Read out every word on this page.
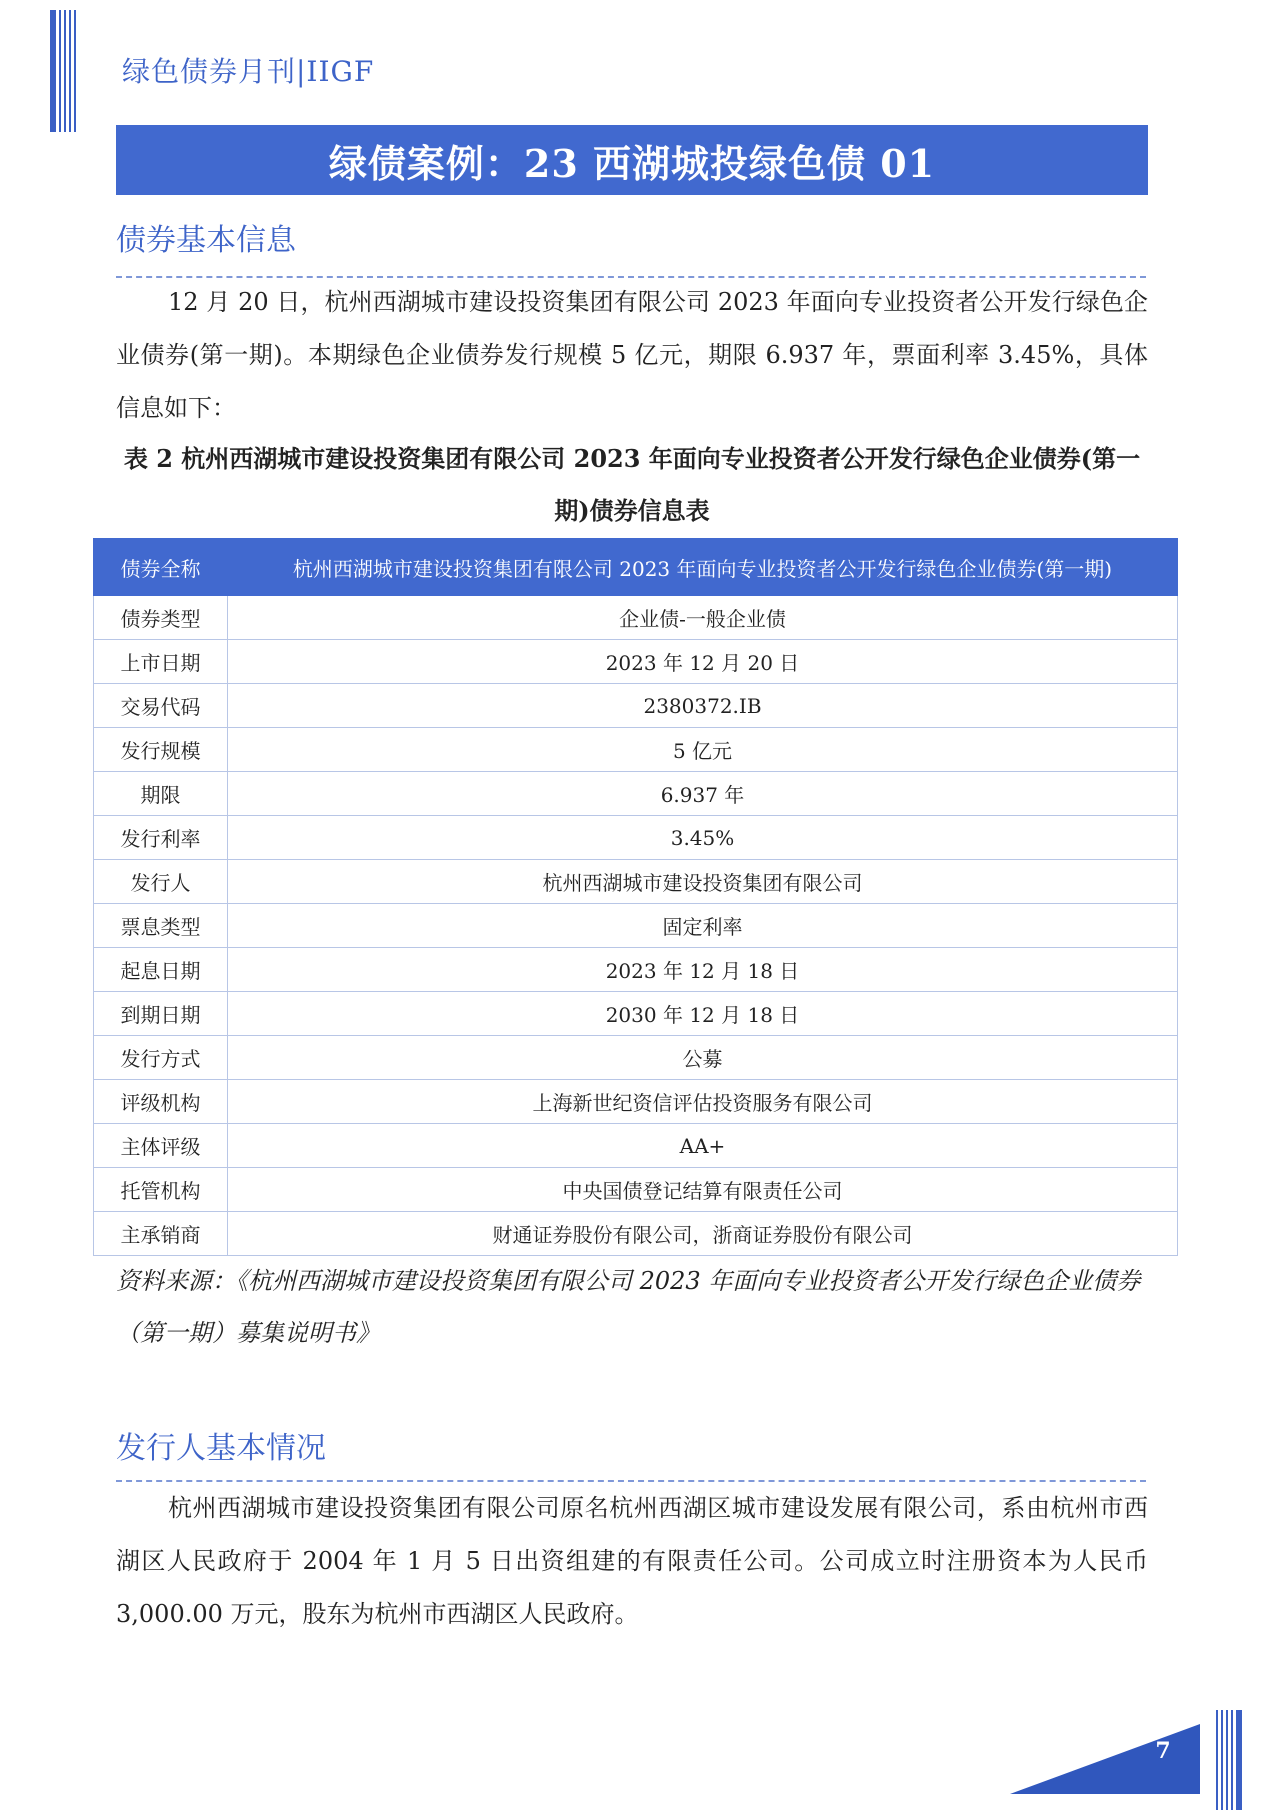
绿色债券月刊|IIGF
绿债案例：23 西湖城投绿色债 01
债券基本信息

12 月 20 日，杭州西湖城市建设投资集团有限公司 2023 年面向专业投资者公开发行绿色企业债券(第一期)。本期绿色企业债券发行规模 5 亿元，期限 6.937 年，票面利率 3.45%，具体信息如下：

表 2 杭州西湖城市建设投资集团有限公司 2023 年面向专业投资者公开发行绿色企业债券(第一期)债券信息表
债券全称	杭州西湖城市建设投资集团有限公司 2023 年面向专业投资者公开发行绿色企业债券(第一期)
债券类型	企业债-一般企业债
上市日期	2023 年 12 月 20 日
交易代码	2380372.IB
发行规模	5 亿元
期限	6.937 年
发行利率	3.45%
发行人	杭州西湖城市建设投资集团有限公司
票息类型	固定利率
起息日期	2023 年 12 月 18 日
到期日期	2030 年 12 月 18 日
发行方式	公募
评级机构	上海新世纪资信评估投资服务有限公司
主体评级	AA+
托管机构	中央国债登记结算有限责任公司
主承销商	财通证券股份有限公司，浙商证券股份有限公司

资料来源：《杭州西湖城市建设投资集团有限公司 2023 年面向专业投资者公开发行绿色企业债券（第一期）募集说明书》

发行人基本情况

杭州西湖城市建设投资集团有限公司原名杭州西湖区城市建设发展有限公司，系由杭州市西湖区人民政府于 2004 年 1 月 5 日出资组建的有限责任公司。公司成立时注册资本为人民币 3,000.00 万元，股东为杭州市西湖区人民政府。

7
